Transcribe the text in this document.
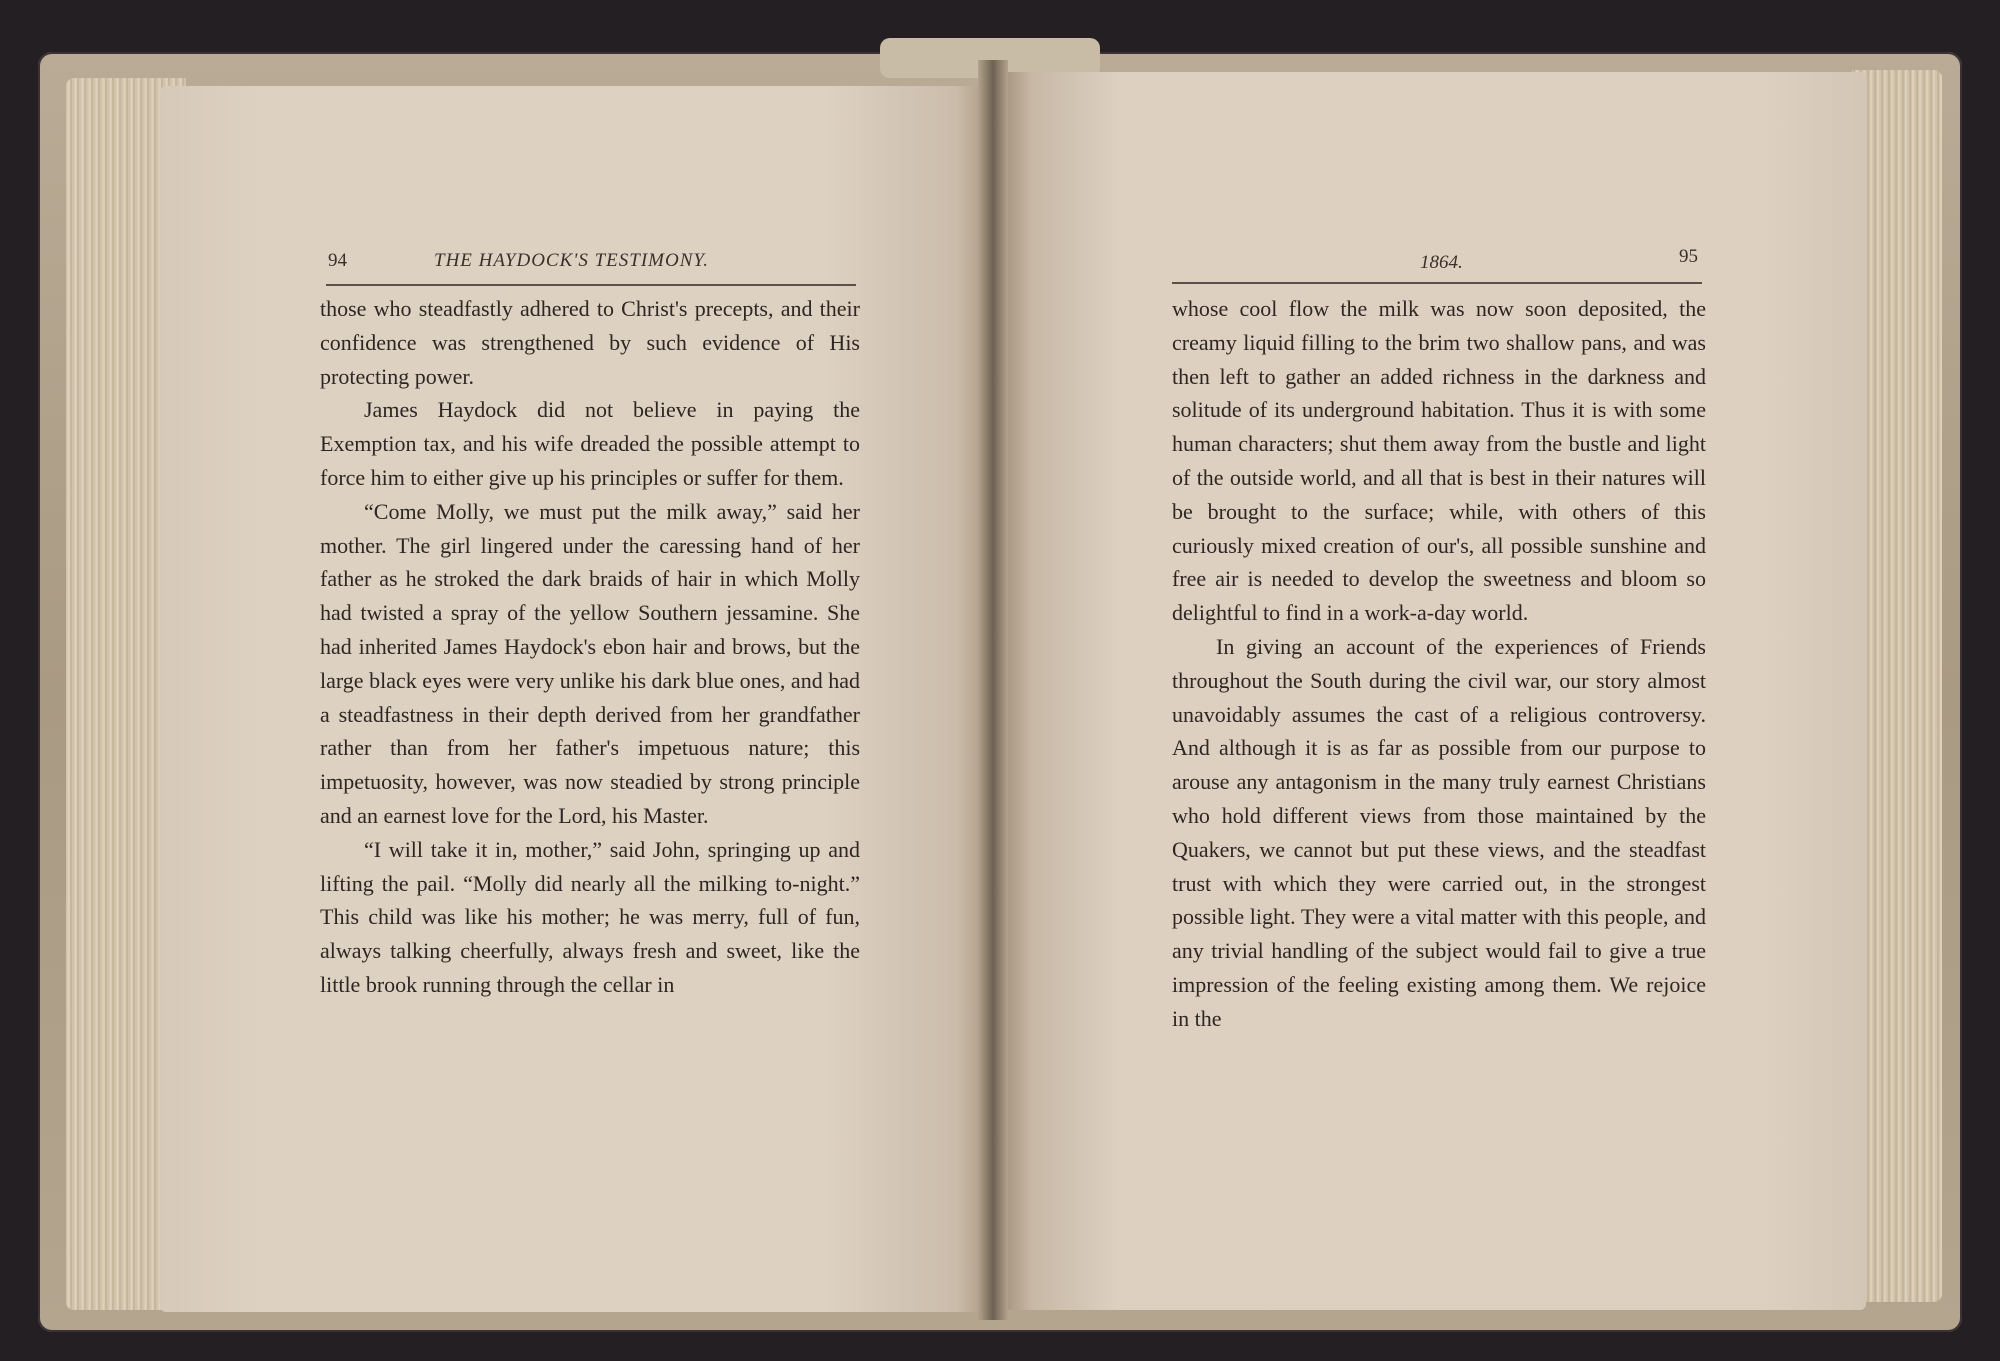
94	THE HAYDOCK'S TESTIMONY.	1864.	95

those who steadfastly adhered to Christ's precepts, and their confidence was strengthened by such evidence of His protecting power.

James Haydock did not believe in paying the Exemption tax, and his wife dreaded the possible attempt to force him to either give up his principles or suffer for them.

“Come Molly, we must put the milk away,” said her mother. The girl lingered under the caressing hand of her father as he stroked the dark braids of hair in which Molly had twisted a spray of the yellow Southern jessamine. She had inherited James Haydock's ebon hair and brows, but the large black eyes were very unlike his dark blue ones, and had a steadfastness in their depth derived from her grandfather rather than from her father's impetuous nature; this impetuosity, however, was now steadied by strong principle and an earnest love for the Lord, his Master.

“I will take it in, mother,” said John, springing up and lifting the pail. “Molly did nearly all the milking to-night.” This child was like his mother; he was merry, full of fun, always talking cheerfully, always fresh and sweet, like the little brook running through the cellar in

whose cool flow the milk was now soon deposited, the creamy liquid filling to the brim two shallow pans, and was then left to gather an added richness in the darkness and solitude of its underground habitation. Thus it is with some human characters; shut them away from the bustle and light of the outside world, and all that is best in their natures will be brought to the surface; while, with others of this curiously mixed creation of our's, all possible sunshine and free air is needed to develop the sweetness and bloom so delightful to find in a work-a-day world.

In giving an account of the experiences of Friends throughout the South during the civil war, our story almost unavoidably assumes the cast of a religious controversy. And although it is as far as possible from our purpose to arouse any antagonism in the many truly earnest Christians who hold different views from those maintained by the Quakers, we cannot but put these views, and the steadfast trust with which they were carried out, in the strongest possible light. They were a vital matter with this people, and any trivial handling of the subject would fail to give a true impression of the feeling existing among them. We rejoice in the
